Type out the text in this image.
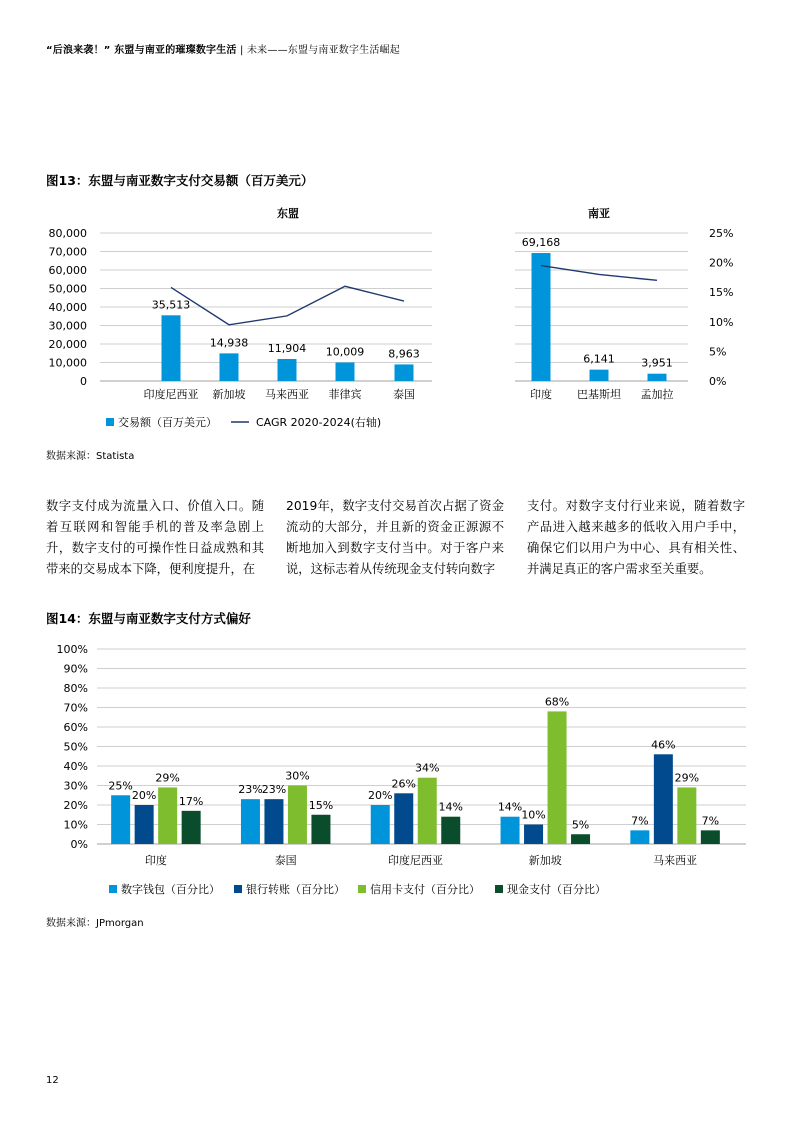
“后浪来袭！” 东盟与南亚的璀璨数字生活 | 未来——东盟与南亚数字生活崛起
图13：东盟与南亚数字支付交易额（百万美元）
东盟	南亚
0
10,000
20,000
30,000
40,000
50,000
60,000
70,000
80,000
0%
5%
10%
15%
20%
25%
35,513
印度尼西亚
14,938
新加坡
11,904
马来西亚
10,009
菲律宾
8,963
泰国
69,168
印度
6,141
巴基斯坦
3,951
孟加拉
交易额（百万美元）	CAGR 2020-2024(右轴)
数据来源：Statista
数字支付成为流量入口、价值入口。随着互联网和智能手机的普及率急剧上升，数字支付的可操作性日益成熟和其带来的交易成本下降，便利度提升，在
2019年，数字支付交易首次占据了资金流动的大部分，并且新的资金正源源不断地加入到数字支付当中。对于客户来说，这标志着从传统现金支付转向数字
支付。对数字支付行业来说，随着数字产品进入越来越多的低收入用户手中，确保它们以用户为中心、具有相关性、并满足真正的客户需求至关重要。
图14：东盟与南亚数字支付方式偏好
0%
10%
20%
30%
40%
50%
60%
70%
80%
90%
100%
印度
25%
20%
29%
17%
泰国
23% 23%
30%
15%
印度尼西亚
20%
26%
34%
14%
新加坡
14%
10%
68%
5%
马来西亚
7%
46%
29%
7%
数字钱包（百分比） 银行转账（百分比） 信用卡支付（百分比） 现金支付（百分比）
数据来源：JPmorgan
12
